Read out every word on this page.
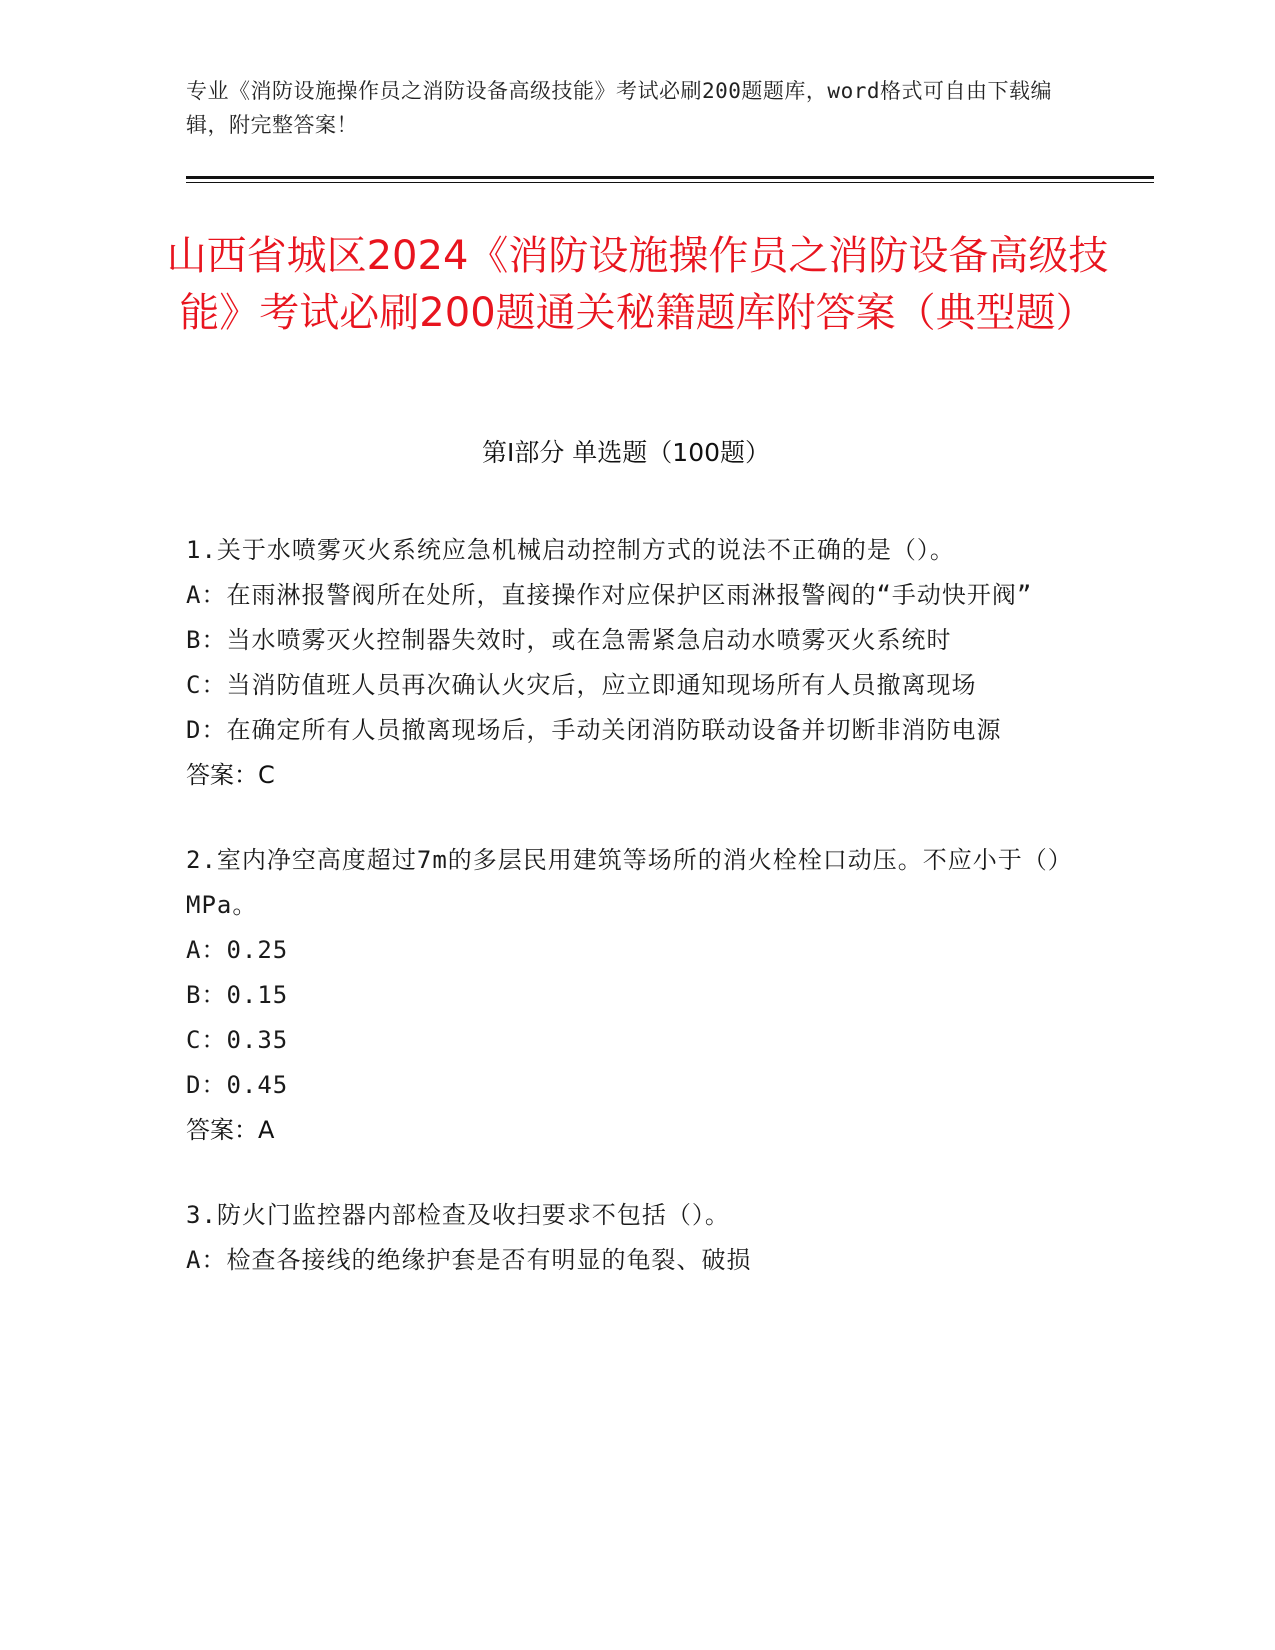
专业《消防设施操作员之消防设备高级技能》考试必刷200题题库，word格式可自由下载编辑，附完整答案！
山西省城区2024《消防设施操作员之消防设备高级技能》考试必刷200题通关秘籍题库附答案（典型题）
第I部分 单选题（100题）

1.关于水喷雾灭火系统应急机械启动控制方式的说法不正确的是（）。

A：在雨淋报警阀所在处所，直接操作对应保护区雨淋报警阀的“手动快开阀”

B：当水喷雾灭火控制器失效时，或在急需紧急启动水喷雾灭火系统时

C：当消防值班人员再次确认火灾后，应立即通知现场所有人员撤离现场

D：在确定所有人员撤离现场后，手动关闭消防联动设备并切断非消防电源

答案：C

2.室内净空高度超过7m的多层民用建筑等场所的消火栓栓口动压。不应小于（）MPa。

A：0.25

B：0.15

C：0.35

D：0.45

答案：A

3.防火门监控器内部检查及收扫要求不包括（）。

A：检查各接线的绝缘护套是否有明显的龟裂、破损
